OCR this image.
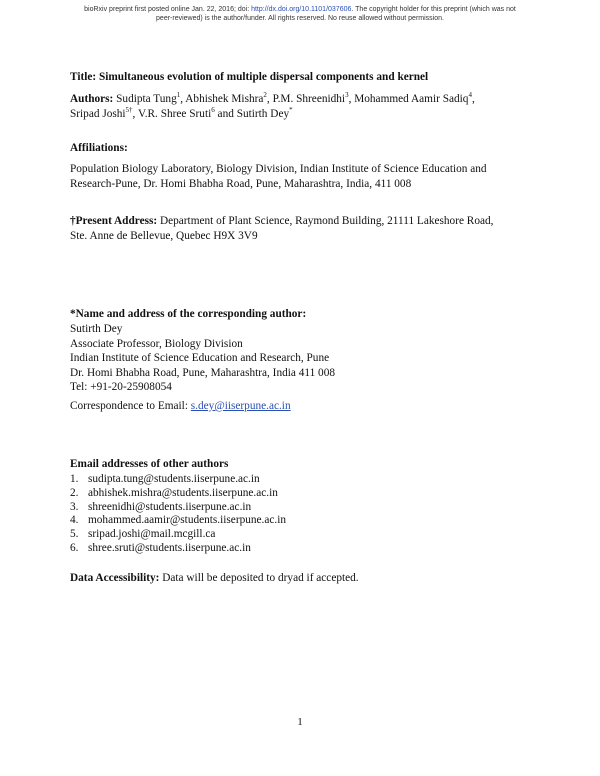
bioRxiv preprint first posted online Jan. 22, 2016; doi: http://dx.doi.org/10.1101/037606. The copyright holder for this preprint (which was not
peer-reviewed) is the author/funder. All rights reserved. No reuse allowed without permission.
Title: Simultaneous evolution of multiple dispersal components and kernel
Authors: Sudipta Tung$^1$, Abhishek Mishra$^2$, P.M. Shreenidhi$^3$, Mohammed Aamir Sadiq$^4$,
Sripad Joshi$^{5\dagger}$, V.R. Shree Sruti$^6$ and Sutirth Dey*
Affiliations:
Population Biology Laboratory, Biology Division, Indian Institute of Science Education and
Research-Pune, Dr. Homi Bhabha Road, Pune, Maharashtra, India, 411 008
†Present Address: Department of Plant Science, Raymond Building, 21111 Lakeshore Road,
Ste. Anne de Bellevue, Quebec H9X 3V9
*Name and address of the corresponding author:
Sutirth Dey
Associate Professor, Biology Division
Indian Institute of Science Education and Research, Pune
Dr. Homi Bhabha Road, Pune, Maharashtra, India 411 008
Tel: +91-20-25908054
Correspondence to Email: s.dey@iiserpune.ac.in
Email addresses of other authors
1. sudipta.tung@students.iiserpune.ac.in
2. abhishek.mishra@students.iiserpune.ac.in
3. shreenidhi@students.iiserpune.ac.in
4. mohammed.aamir@students.iiserpune.ac.in
5. sripad.joshi@mail.mcgill.ca
6. shree.sruti@students.iiserpune.ac.in
Data Accessibility: Data will be deposited to dryad if accepted.
1
